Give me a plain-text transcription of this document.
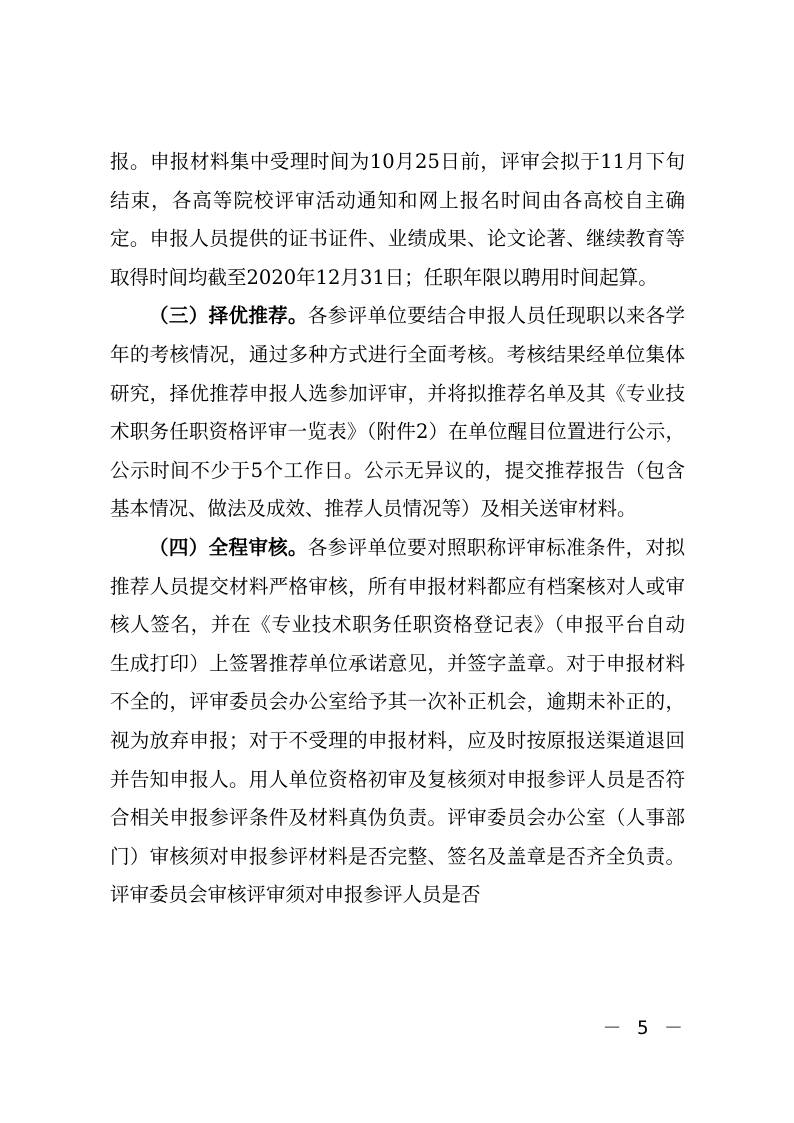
报。申报材料集中受理时间为10月25日前，评审会拟于11月下旬结束，各高等院校评审活动通知和网上报名时间由各高校自主确定。申报人员提供的证书证件、业绩成果、论文论著、继续教育等取得时间均截至2020年12月31日；任职年限以聘用时间起算。

（三）择优推荐。各参评单位要结合申报人员任现职以来各学年的考核情况，通过多种方式进行全面考核。考核结果经单位集体研究，择优推荐申报人选参加评审，并将拟推荐名单及其《专业技术职务任职资格评审一览表》（附件2）在单位醒目位置进行公示，公示时间不少于5个工作日。公示无异议的，提交推荐报告（包含基本情况、做法及成效、推荐人员情况等）及相关送审材料。

（四）全程审核。各参评单位要对照职称评审标准条件，对拟推荐人员提交材料严格审核，所有申报材料都应有档案核对人或审核人签名，并在《专业技术职务任职资格登记表》（申报平台自动生成打印）上签署推荐单位承诺意见，并签字盖章。对于申报材料不全的，评审委员会办公室给予其一次补正机会，逾期未补正的，视为放弃申报；对于不受理的申报材料，应及时按原报送渠道退回并告知申报人。用人单位资格初审及复核须对申报参评人员是否符合相关申报参评条件及材料真伪负责。评审委员会办公室（人事部门）审核须对申报参评材料是否完整、签名及盖章是否齐全负责。评审委员会审核评审须对申报参评人员是否

－ 5 －
